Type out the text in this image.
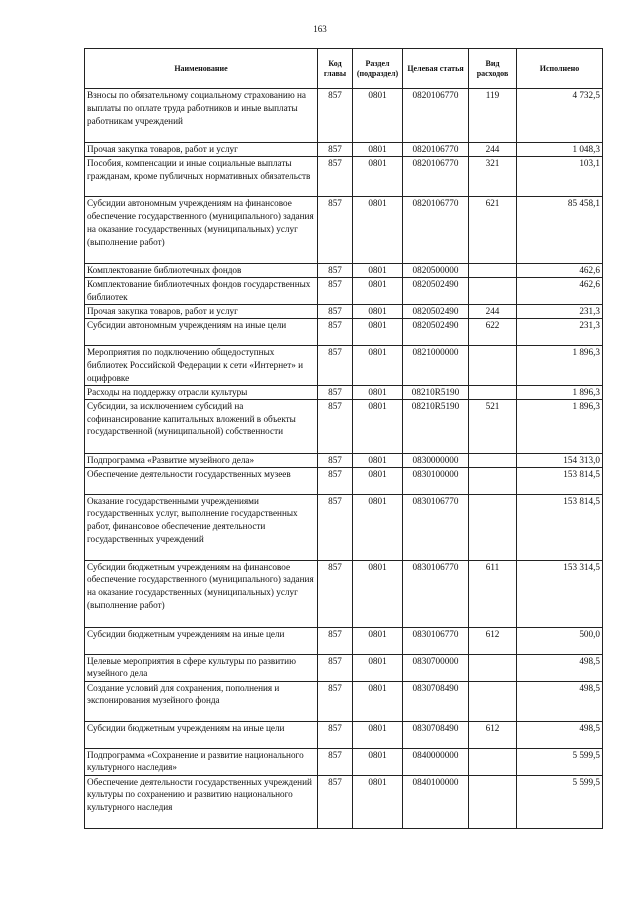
163
Наименование	Код главы	Раздел (подраздел)	Целевая статья	Вид расходов	Исполнено
Взносы по обязательному социальному страхованию на выплаты по оплате труда работников и иные выплаты работникам учреждений	857	0801	0820106770	119	4 732,5
Прочая закупка товаров, работ и услуг	857	0801	0820106770	244	1 048,3
Пособия, компенсации и иные социальные выплаты гражданам, кроме публичных нормативных обязательств	857	0801	0820106770	321	103,1
Субсидии автономным учреждениям на финансовое обеспечение государственного (муниципального) задания на оказание государственных (муниципальных) услуг (выполнение работ)	857	0801	0820106770	621	85 458,1
Комплектование библиотечных фондов	857	0801	0820500000		462,6
Комплектование библиотечных фондов государственных библиотек	857	0801	0820502490		462,6
Прочая закупка товаров, работ и услуг	857	0801	0820502490	244	231,3
Субсидии автономным учреждениям на иные цели	857	0801	0820502490	622	231,3
Мероприятия по подключению общедоступных библиотек Российской Федерации к сети «Интернет» и оцифровке	857	0801	0821000000		1 896,3
Расходы на поддержку отрасли культуры	857	0801	08210R5190		1 896,3
Субсидии, за исключением субсидий на софинансирование капитальных вложений в объекты государственной (муниципальной) собственности	857	0801	08210R5190	521	1 896,3
Подпрограмма «Развитие музейного дела»	857	0801	0830000000		154 313,0
Обеспечение деятельности государственных музеев	857	0801	0830100000		153 814,5
Оказание государственными учреждениями государственных услуг, выполнение государственных работ, финансовое обеспечение деятельности государственных учреждений	857	0801	0830106770		153 814,5
Субсидии бюджетным учреждениям на финансовое обеспечение государственного (муниципального) задания на оказание государственных (муниципальных) услуг (выполнение работ)	857	0801	0830106770	611	153 314,5
Субсидии бюджетным учреждениям на иные цели	857	0801	0830106770	612	500,0
Целевые мероприятия в сфере культуры по развитию музейного дела	857	0801	0830700000		498,5
Создание условий для сохранения, пополнения и экспонирования музейного фонда	857	0801	0830708490		498,5
Субсидии бюджетным учреждениям на иные цели	857	0801	0830708490	612	498,5
Подпрограмма «Сохранение и развитие национального культурного наследия»	857	0801	0840000000		5 599,5
Обеспечение деятельности государственных учреждений культуры по сохранению и развитию национального культурного наследия	857	0801	0840100000		5 599,5
